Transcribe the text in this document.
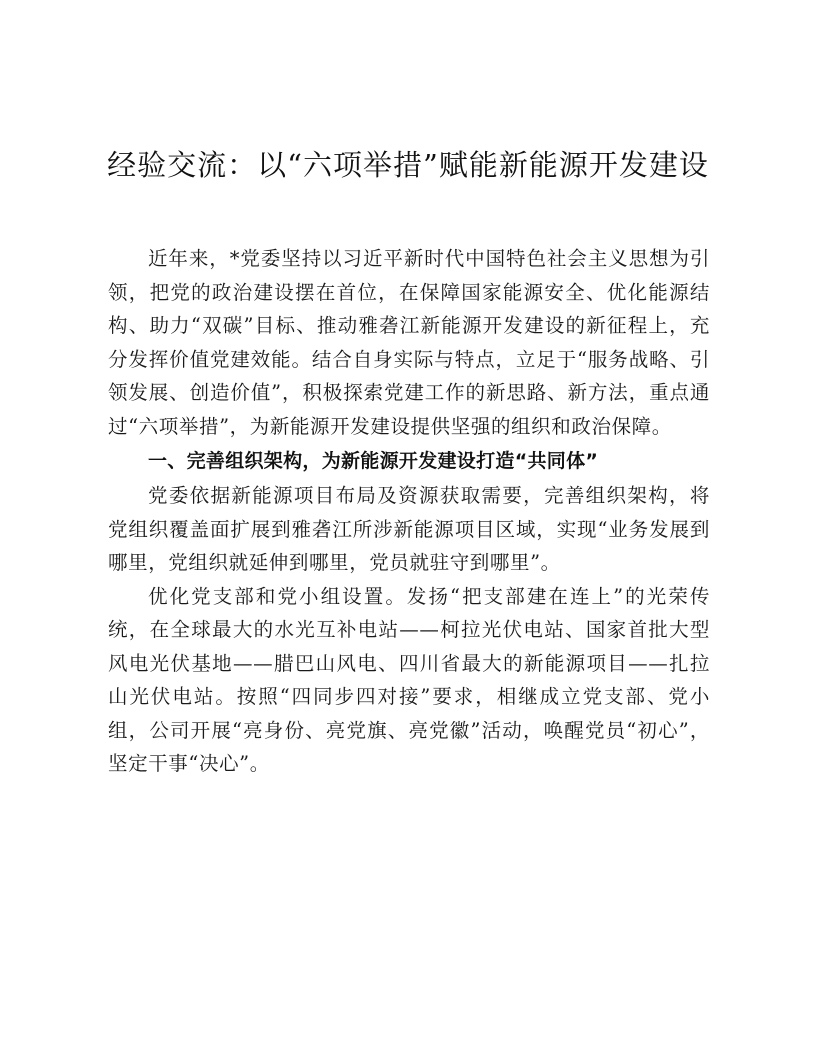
经验交流：以“六项举措”赋能新能源开发建设

近年来，*党委坚持以习近平新时代中国特色社会主义思想为引领，把党的政治建设摆在首位，在保障国家能源安全、优化能源结构、助力“双碳”目标、推动雅砻江新能源开发建设的新征程上，充分发挥价值党建效能。结合自身实际与特点，立足于“服务战略、引领发展、创造价值”，积极探索党建工作的新思路、新方法，重点通过“六项举措”，为新能源开发建设提供坚强的组织和政治保障。

一、完善组织架构，为新能源开发建设打造“共同体”

党委依据新能源项目布局及资源获取需要，完善组织架构，将党组织覆盖面扩展到雅砻江所涉新能源项目区域，实现“业务发展到哪里，党组织就延伸到哪里，党员就驻守到哪里”。

优化党支部和党小组设置。发扬“把支部建在连上”的光荣传统，在全球最大的水光互补电站——柯拉光伏电站、国家首批大型风电光伏基地——腊巴山风电、四川省最大的新能源项目——扎拉山光伏电站。按照“四同步四对接”要求，相继成立党支部、党小组，公司开展“亮身份、亮党旗、亮党徽”活动，唤醒党员“初心”，坚定干事“决心”。
